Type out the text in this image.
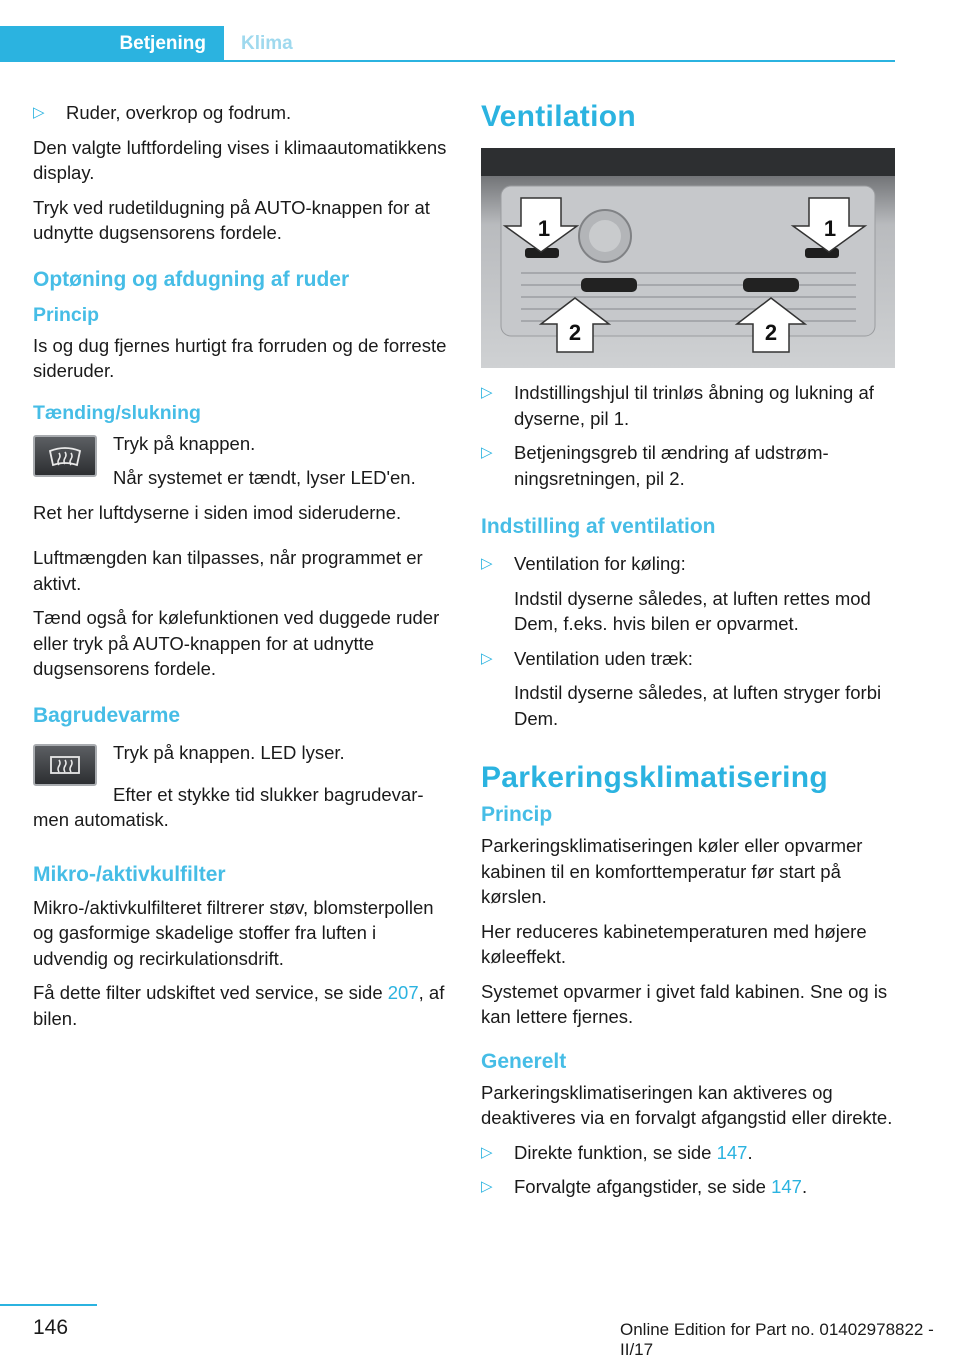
Betjening	Klima
▷ Ruder, overkrop og fodrum.

Den valgte luftfordeling vises i klimaautomatikkens display.

Tryk ved rudetildugning på AUTO-knappen for at udnytte dugsensorens fordele.

Optøning og afdugning af ruder
Princip

Is og dug fjernes hurtigt fra forruden og de forreste sideruder.

Tænding/slukning

Tryk på knappen.

Når systemet er tændt, lyser LED'en.

Ret her luftdyserne i siden imod sideruderne.

Luftmængden kan tilpasses, når programmet er aktivt.

Tænd også for kølefunktionen ved duggede ruder eller tryk på AUTO-knappen for at udnytte dugsensorens fordele.

Bagrudevarme

Tryk på knappen. LED lyser.

Efter et stykke tid slukker bagrudevarmen automatisk.

Mikro-/aktivkulfilter

Mikro-/aktivkulfilteret filtrerer støv, blomsterpollen og gasformige skadelige stoffer fra luften i udvendig og recirkulationsdrift.

Få dette filter udskiftet ved service, se side 207, af bilen.

Ventilation
1	1
2	2
▷ Indstillingshjul til trinløs åbning og lukning af dyserne, pil 1.
▷ Betjeningsgreb til ændring af udstrømningsretningen, pil 2.
Indstilling af ventilation
▷ Ventilation for køling:

Indstil dyserne således, at luften rettes mod Dem, f.eks. hvis bilen er opvarmet.

▷ Ventilation uden træk:

Indstil dyserne således, at luften stryger forbi Dem.

Parkeringsklimatisering
Princip

Parkeringsklimatiseringen køler eller opvarmer kabinen til en komforttemperatur før start på kørslen.

Her reduceres kabinetemperaturen med højere køleeffekt.

Systemet opvarmer i givet fald kabinen. Sne og is kan lettere fjernes.

Generelt

Parkeringsklimatiseringen kan aktiveres og deaktiveres via en forvalgt afgangstid eller direkte.

▷ Direkte funktion, se side 147.
▷ Forvalgte afgangstider, se side 147.
146	Online Edition for Part no. 01402978822 - II/17
